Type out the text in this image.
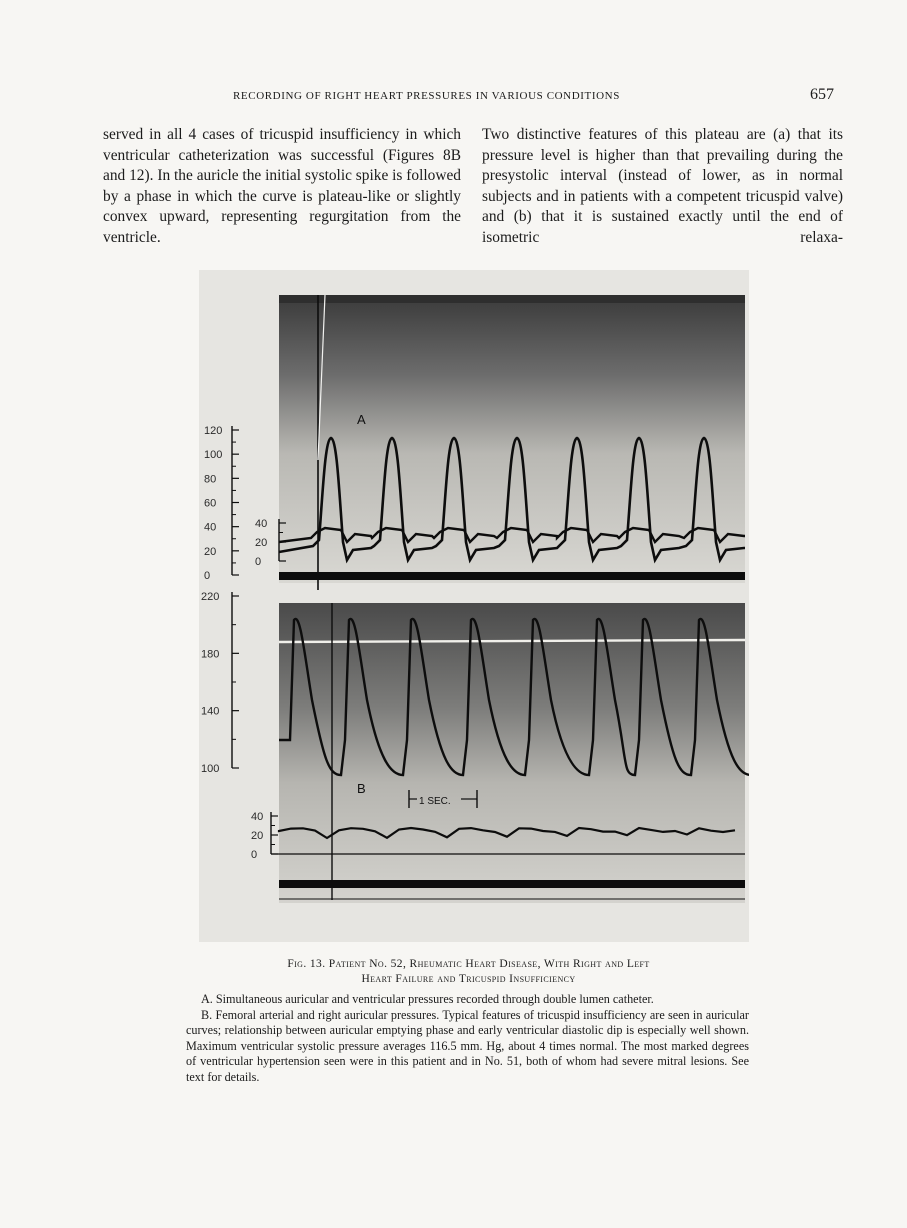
RECORDING OF RIGHT HEART PRESSURES IN VARIOUS CONDITIONS	657

served in all 4 cases of tricuspid insufficiency in which ventricular catheterization was successful (Figures 8B and 12). In the auricle the initial systolic spike is followed by a phase in which the curve is plateau-like or slightly convex upward, representing regurgitation from the ventricle.

Two distinctive features of this plateau are (a) that its pressure level is higher than that prevailing during the presystolic interval (instead of lower, as in normal subjects and in patients with a competent tricuspid valve) and (b) that it is sustained exactly until the end of isometric relaxa-

120
100
80
60
40
20
0
40
20
0
220
180
140
100
40
20
0
A
B
1 SEC.
Fig. 13. Patient No. 52, Rheumatic Heart Disease, With Right and Left
Heart Failure and Tricuspid Insufficiency

A. Simultaneous auricular and ventricular pressures recorded through double lumen catheter.

B. Femoral arterial and right auricular pressures. Typical features of tricuspid insufficiency are seen in auricular curves; relationship between auricular emptying phase and early ventricular diastolic dip is especially well shown. Maximum ventricular systolic pressure averages 116.5 mm. Hg, about 4 times normal. The most marked degrees of ventricular hypertension seen were in this patient and in No. 51, both of whom had severe mitral lesions. See text for details.
